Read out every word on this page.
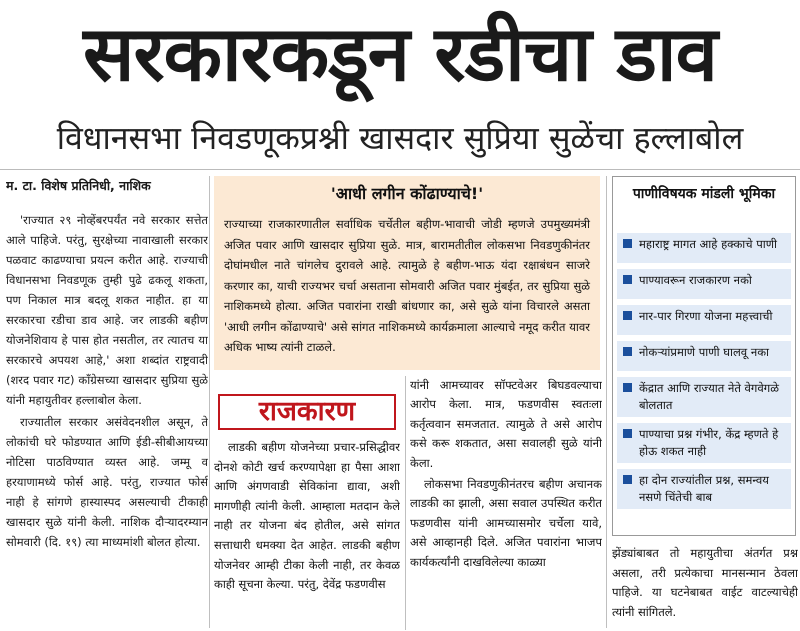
सरकारकडून रडीचा डाव
विधानसभा निवडणूकप्रश्नी खासदार सुप्रिया सुळेंचा हल्लाबोल
म. टा. विशेष प्रतिनिधी, नाशिक

'राज्यात २९ नोव्हेंबरपर्यंत नवे सरकार सत्तेत आले पाहिजे. परंतु, सुरक्षेच्या नावाखाली सरकार पळवाट काढण्याचा प्रयत्न करीत आहे. राज्याची विधानसभा निवडणूक तुम्ही पुढे ढकलू शकता, पण निकाल मात्र बदलू शकत नाहीत. हा या सरकारचा रडीचा डाव आहे. जर लाडकी बहीण योजनेशिवाय हे पास होत नसतील, तर त्यातच या सरकारचे अपयश आहे,' अशा शब्दांत राष्ट्रवादी (शरद पवार गट) काँग्रेसच्या खासदार सुप्रिया सुळे यांनी महायुतीवर हल्लाबोल केला.

राज्यातील सरकार असंवेदनशील असून, ते लोकांची घरे फोडण्यात आणि ईडी-सीबीआयच्या नोटिसा पाठविण्यात व्यस्त आहे. जम्मू व हरयाणामध्ये फोर्स आहे. परंतु, राज्यात फोर्स नाही हे सांगणे हास्यास्पद असल्याची टीकाही खासदार सुळे यांनी केली. नाशिक दौऱ्यादरम्यान सोमवारी (दि. १९) त्या माध्यमांशी बोलत होत्या.

'आधी लगीन कोंढाण्याचे!'
राज्याच्या राजकारणातील सर्वाधिक चर्चेतील बहीण-भावाची जोडी म्हणजे उपमुख्यमंत्री अजित पवार आणि खासदार सुप्रिया सुळे. मात्र, बारामतीतील लोकसभा निवडणुकीनंतर दोघांमधील नाते चांगलेच दुरावले आहे. त्यामुळे हे बहीण-भाऊ यंदा रक्षाबंधन साजरे करणार का, याची राज्यभर चर्चा असताना सोमवारी अजित पवार मुंबईत, तर सुप्रिया सुळे नाशिकमध्ये होत्या. अजित पवारांना राखी बांधणार का, असे सुळे यांना विचारले असता 'आधी लगीन कोंढाण्याचे' असे सांगत नाशिकमध्ये कार्यक्रमाला आल्याचे नमूद करीत यावर अधिक भाष्य त्यांनी टाळले.
राजकारण

लाडकी बहीण योजनेच्या प्रचार-प्रसिद्धीवर दोनशे कोटी खर्च करण्यापेक्षा हा पैसा आशा आणि अंगणवाडी सेविकांना द्यावा, अशी मागणीही त्यांनी केली. आम्हाला मतदान केले नाही तर योजना बंद होतील, असे सांगत सत्ताधारी धमक्या देत आहेत. लाडकी बहीण योजनेवर आम्ही टीका केली नाही, तर केवळ काही सूचना केल्या. परंतु, देवेंद्र फडणवीस

यांनी आमच्यावर सॉफ्टवेअर बिघडवल्याचा आरोप केला. मात्र, फडणवीस स्वतःला कर्तृत्ववान समजतात. त्यामुळे ते असे आरोप कसे करू शकतात, असा सवालही सुळे यांनी केला.

लोकसभा निवडणुकीनंतरच बहीण अचानक लाडकी का झाली, असा सवाल उपस्थित करीत फडणवीस यांनी आमच्यासमोर चर्चेला यावे, असे आव्हानही दिले. अजित पवारांना भाजप कार्यकर्त्यांनी दाखविलेल्या काळ्या

पाणीविषयक मांडली भूमिका
महाराष्ट्र मागत आहे हक्काचे पाणी
पाण्यावरून राजकारण नको
नार-पार गिरणा योजना महत्त्वाची
नोकऱ्यांप्रमाणे पाणी घालवू नका
केंद्रात आणि राज्यात नेते वेगवेगळे बोलतात
पाण्याचा प्रश्न गंभीर, केंद्र म्हणते हे होऊ शकत नाही
हा दोन राज्यांतील प्रश्न, समन्वय नसणे चिंतेची बाब
झेंड्यांबाबत तो महायुतीचा अंतर्गत प्रश्न असला, तरी प्रत्येकाचा मानसन्मान ठेवला पाहिजे. या घटनेबाबत वाईट वाटल्याचेही त्यांनी सांगितले.
